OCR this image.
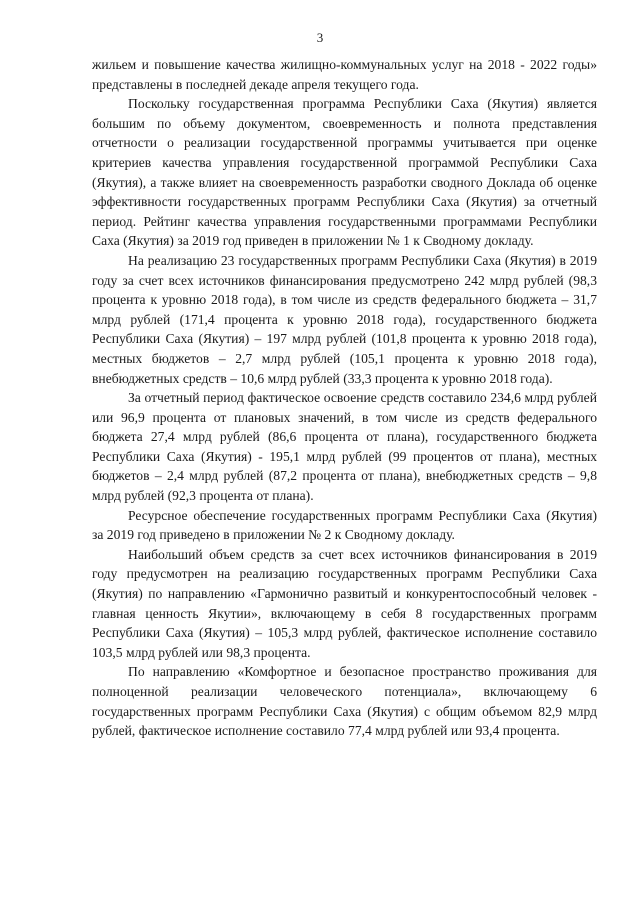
3

жильем и повышение качества жилищно-коммунальных услуг на 2018 - 2022 годы» представлены в последней декаде апреля текущего года.

Поскольку государственная программа Республики Саха (Якутия) является большим по объему документом, своевременность и полнота представления отчетности о реализации государственной программы учитывается при оценке критериев качества управления государственной программой Республики Саха (Якутия), а также влияет на своевременность разработки сводного Доклада об оценке эффективности государственных программ Республики Саха (Якутия) за отчетный период. Рейтинг качества управления государственными программами Республики Саха (Якутия) за 2019 год приведен в приложении № 1 к Сводному докладу.

На реализацию 23 государственных программ Республики Саха (Якутия) в 2019 году за счет всех источников финансирования предусмотрено 242 млрд рублей (98,3 процента к уровню 2018 года), в том числе из средств федерального бюджета – 31,7 млрд рублей (171,4 процента к уровню 2018 года), государственного бюджета Республики Саха (Якутия) – 197 млрд рублей (101,8 процента к уровню 2018 года), местных бюджетов – 2,7 млрд рублей (105,1 процента к уровню 2018 года), внебюджетных средств – 10,6 млрд рублей (33,3 процента к уровню 2018 года).

За отчетный период фактическое освоение средств составило 234,6 млрд рублей или 96,9 процента от плановых значений, в том числе из средств федерального бюджета 27,4 млрд рублей (86,6 процента от плана), государственного бюджета Республики Саха (Якутия) - 195,1 млрд рублей (99 процентов от плана), местных бюджетов – 2,4 млрд рублей (87,2 процента от плана), внебюджетных средств – 9,8 млрд рублей (92,3 процента от плана).

Ресурсное обеспечение государственных программ Республики Саха (Якутия) за 2019 год приведено в приложении № 2 к Сводному докладу.

Наибольший объем средств за счет всех источников финансирования в 2019 году предусмотрен на реализацию государственных программ Республики Саха (Якутия) по направлению «Гармонично развитый и конкурентоспособный человек - главная ценность Якутии», включающему в себя 8 государственных программ Республики Саха (Якутия) – 105,3 млрд рублей, фактическое исполнение составило 103,5 млрд рублей или 98,3 процента.

По направлению «Комфортное и безопасное пространство проживания для полноценной реализации человеческого потенциала», включающему 6 государственных программ Республики Саха (Якутия) с общим объемом 82,9 млрд рублей, фактическое исполнение составило 77,4 млрд рублей или 93,4 процента.
